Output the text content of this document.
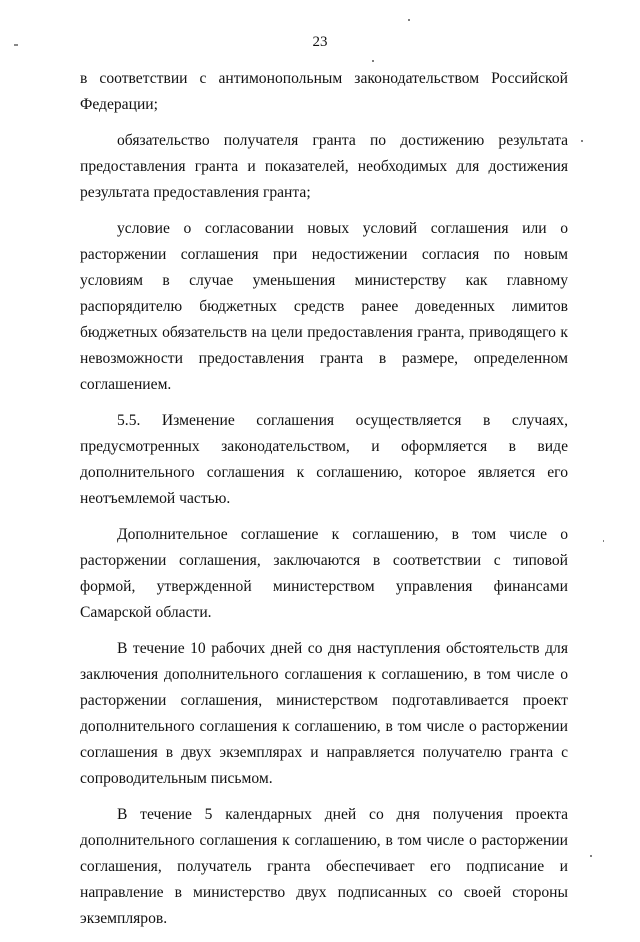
23

в соответствии с антимонопольным законодательством Российской Федерации;

обязательство получателя гранта по достижению результата предоставления гранта и показателей, необходимых для достижения результата предоставления гранта;

условие о согласовании новых условий соглашения или о расторжении соглашения при недостижении согласия по новым условиям в случае уменьшения министерству как главному распорядителю бюджетных средств ранее доведенных лимитов бюджетных обязательств на цели предоставления гранта, приводящего к невозможности предоставления гранта в размере, определенном соглашением.

5.5. Изменение соглашения осуществляется в случаях, предусмотренных законодательством, и оформляется в виде дополнительного соглашения к соглашению, которое является его неотъемлемой частью.

Дополнительное соглашение к соглашению, в том числе о расторжении соглашения, заключаются в соответствии с типовой формой, утвержденной министерством управления финансами Самарской области.

В течение 10 рабочих дней со дня наступления обстоятельств для заключения дополнительного соглашения к соглашению, в том числе о расторжении соглашения, министерством подготавливается проект дополнительного соглашения к соглашению, в том числе о расторжении соглашения в двух экземплярах и направляется получателю гранта с сопроводительным письмом.

В течение 5 календарных дней со дня получения проекта дополнительного соглашения к соглашению, в том числе о расторжении соглашения, получатель гранта обеспечивает его подписание и направление в министерство двух подписанных со своей стороны экземпляров.
